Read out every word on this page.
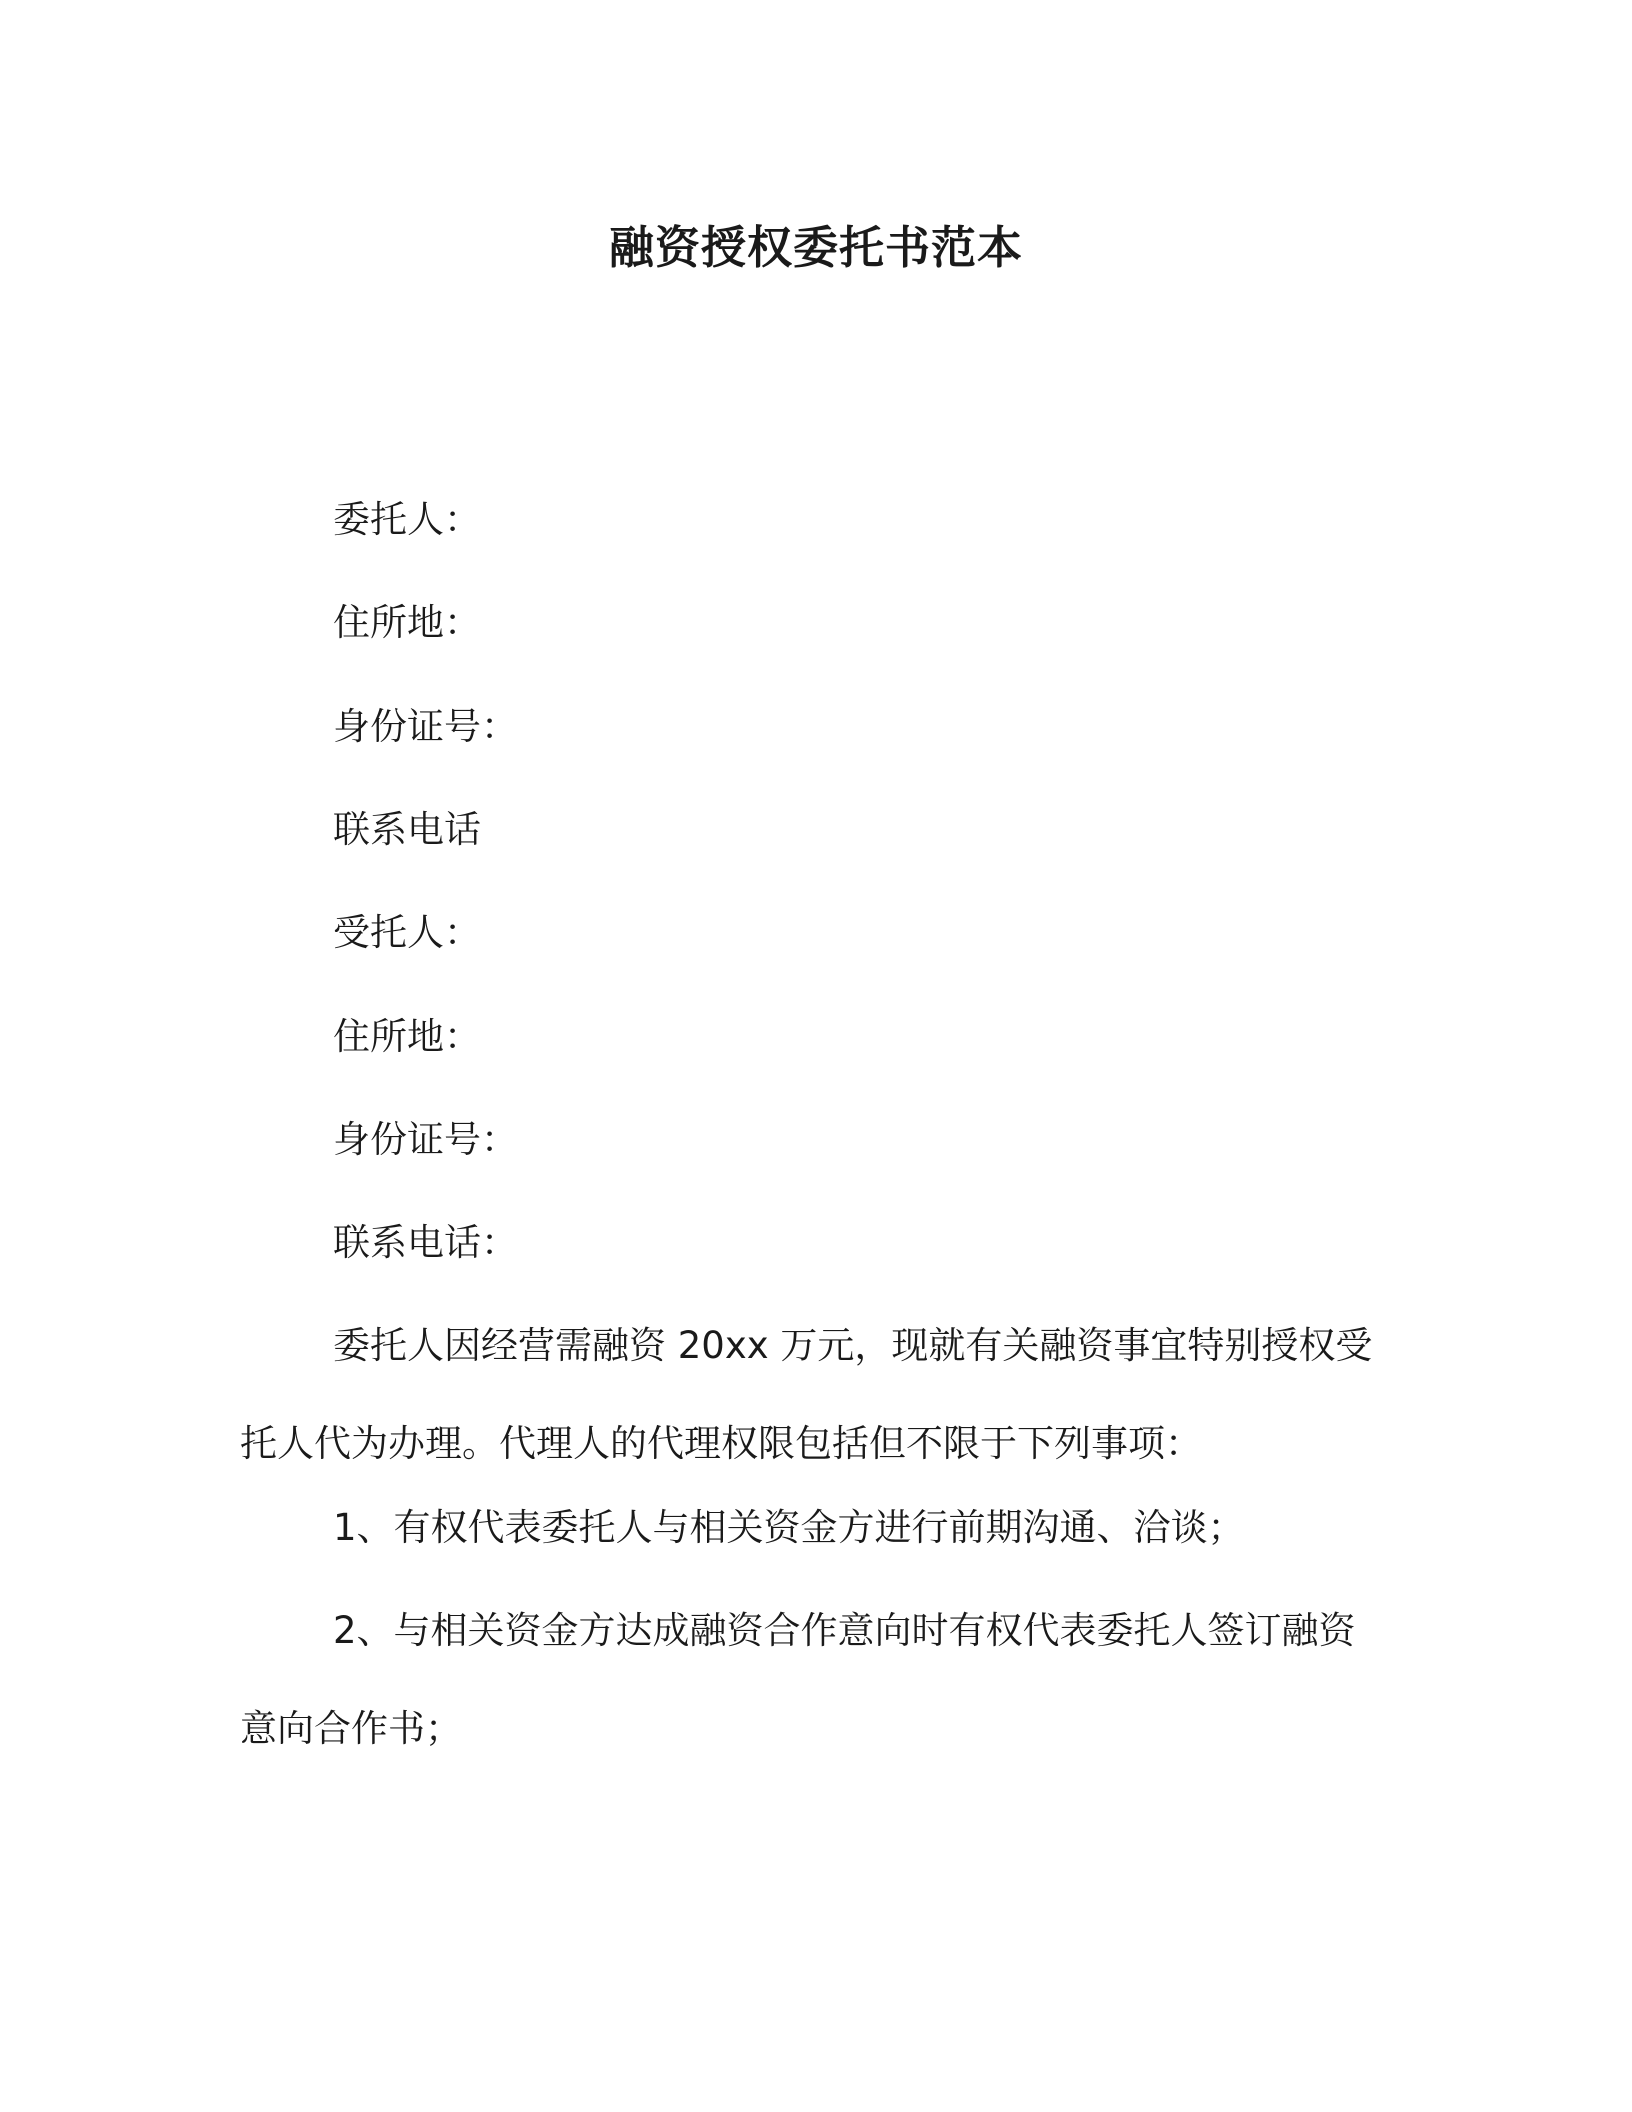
融资授权委托书范本

委托人：

住所地：

身份证号：

联系电话

受托人：

住所地：

身份证号：

联系电话：

委托人因经营需融资 20xx 万元，现就有关融资事宜特别授权受
托人代为办理。代理人的代理权限包括但不限于下列事项：
1、有权代表委托人与相关资金方进行前期沟通、洽谈；
2、与相关资金方达成融资合作意向时有权代表委托人签订融资
意向合作书；
